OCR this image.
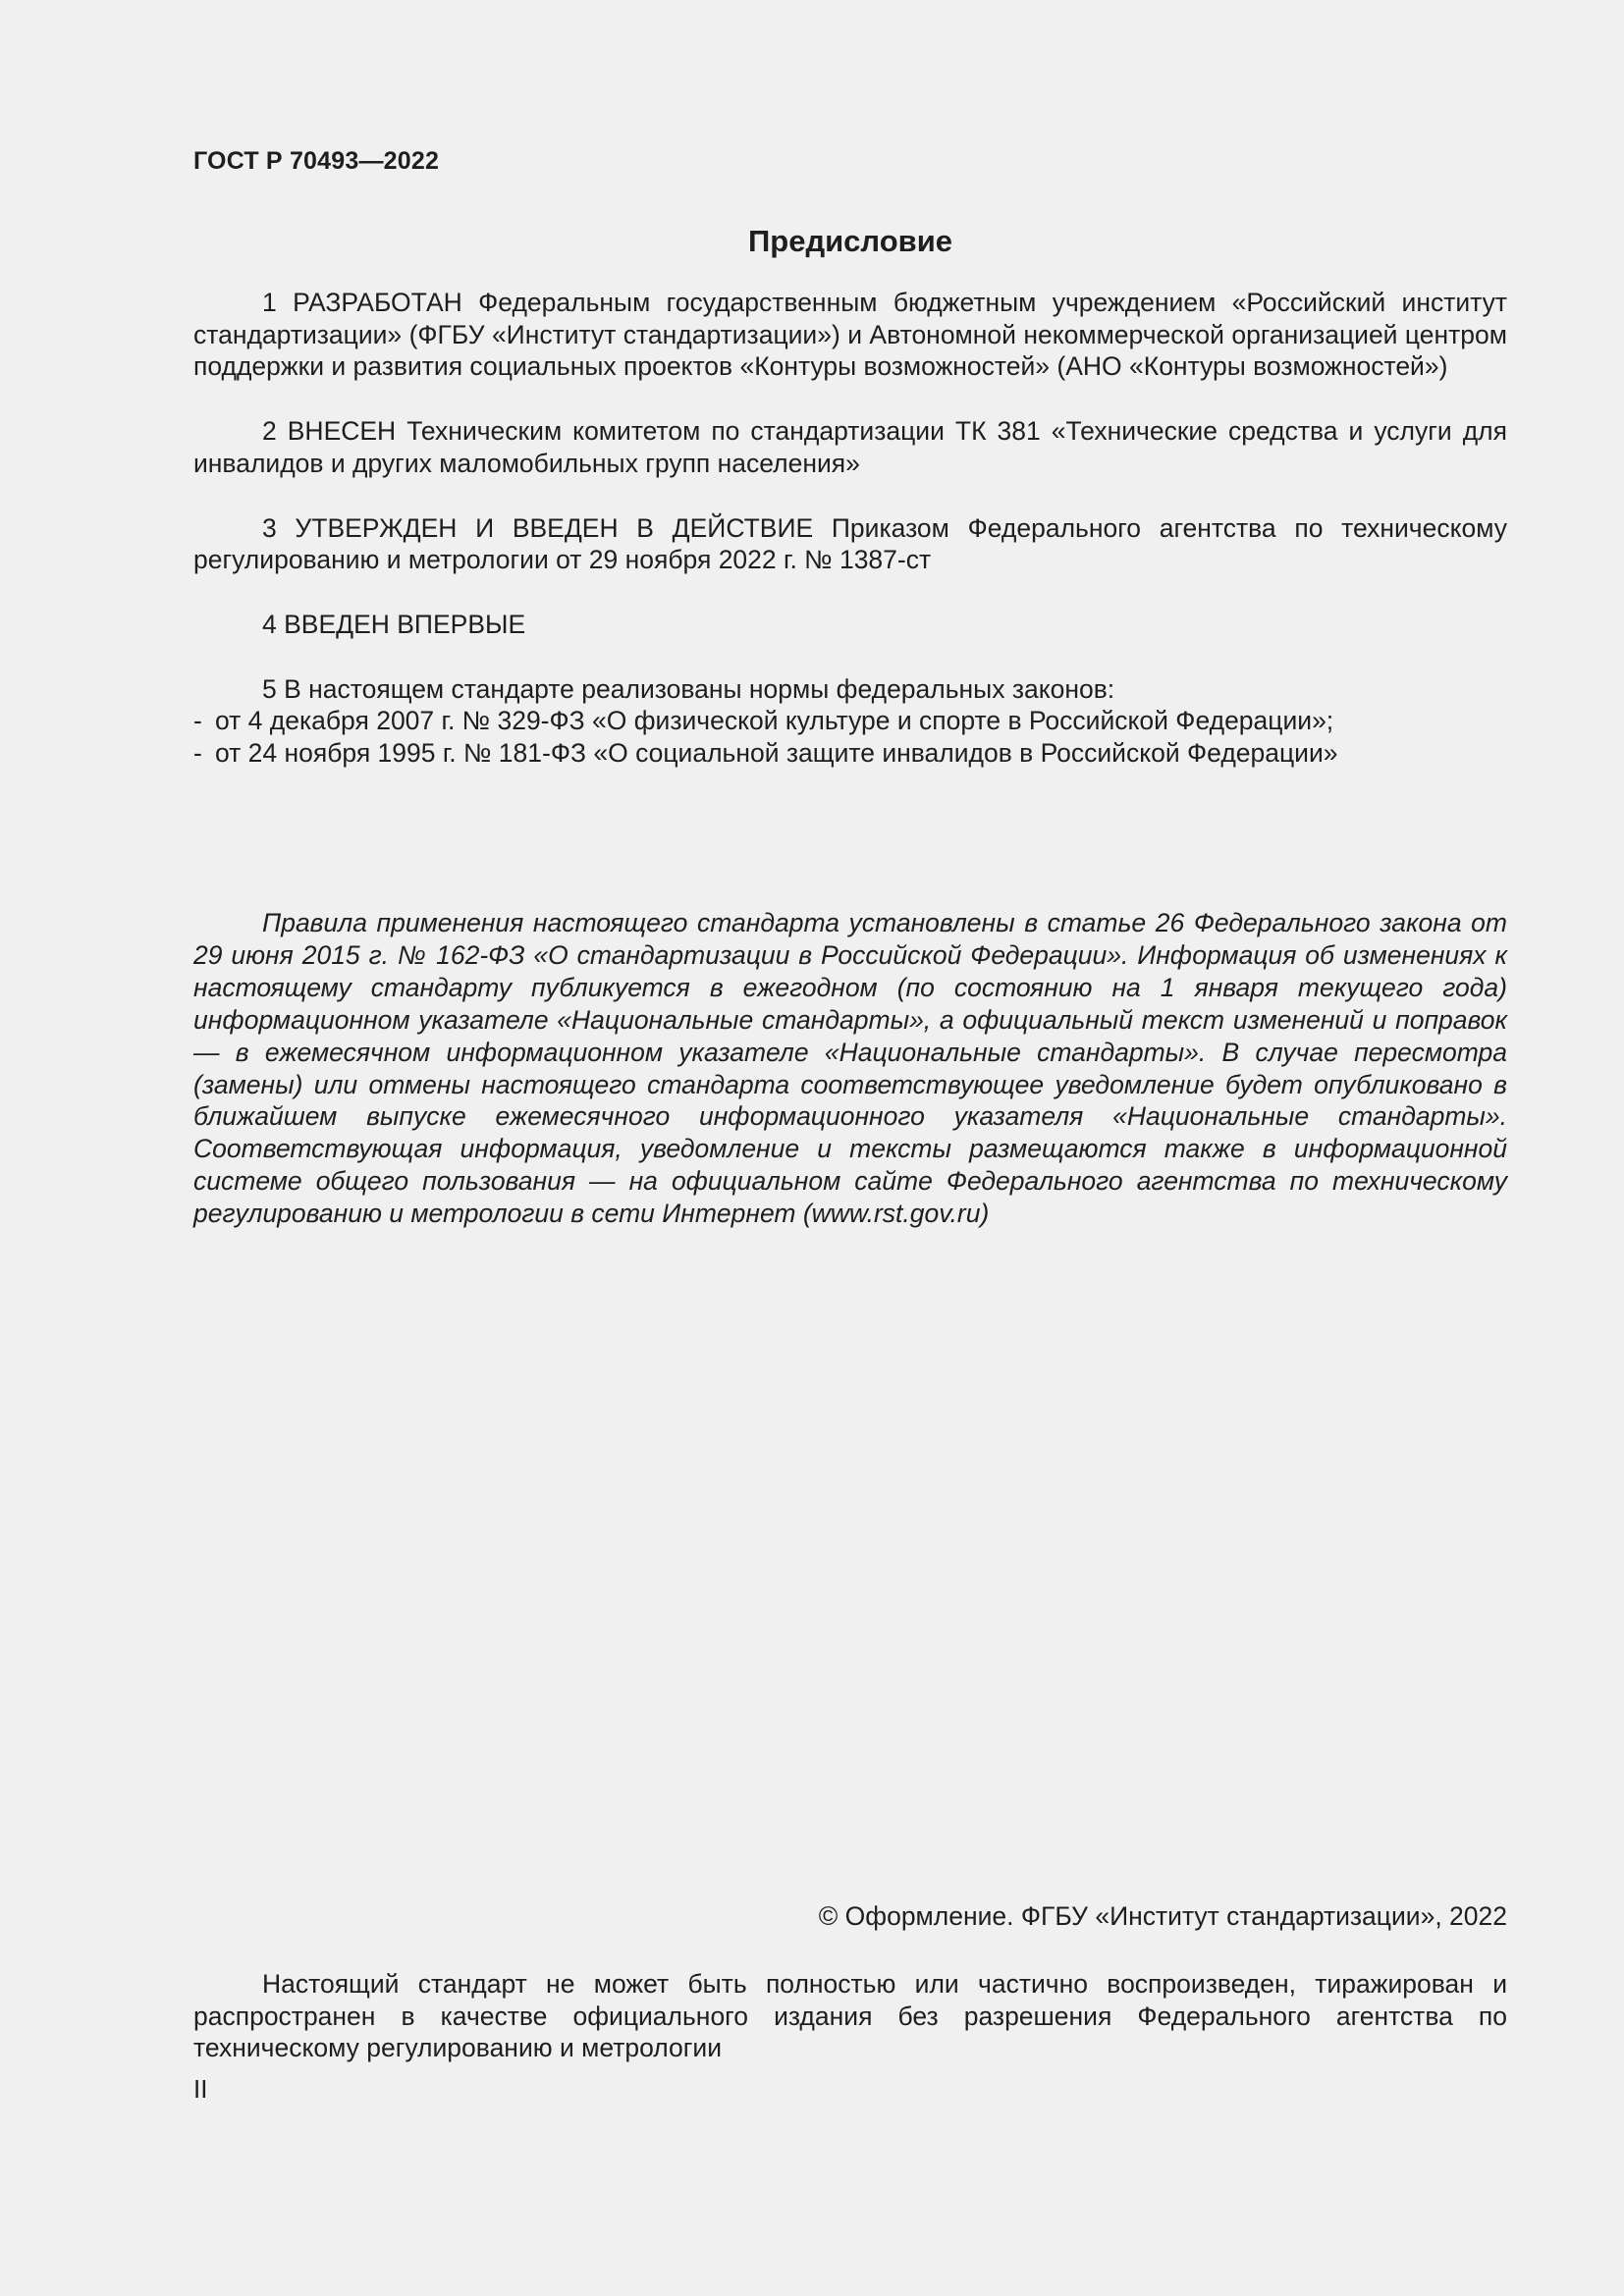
ГОСТ Р 70493—2022
Предисловие

1 РАЗРАБОТАН Федеральным государственным бюджетным учреждением «Российский институт стандартизации» (ФГБУ «Институт стандартизации») и Автономной некоммерческой организацией центром поддержки и развития социальных проектов «Контуры возможностей» (АНО «Контуры возможностей»)

2 ВНЕСЕН Техническим комитетом по стандартизации ТК 381 «Технические средства и услуги для инвалидов и других маломобильных групп населения»

3 УТВЕРЖДЕН И ВВЕДЕН В ДЕЙСТВИЕ Приказом Федерального агентства по техническому регулированию и метрологии от 29 ноября 2022 г. № 1387-ст

4 ВВЕДЕН ВПЕРВЫЕ

5 В настоящем стандарте реализованы нормы федеральных законов:

- от 4 декабря 2007 г. № 329-ФЗ «О физической культуре и спорте в Российской Федерации»;

- от 24 ноября 1995 г. № 181-ФЗ «О социальной защите инвалидов в Российской Федерации»

Правила применения настоящего стандарта установлены в статье 26 Федерального закона от 29 июня 2015 г. № 162-ФЗ «О стандартизации в Российской Федерации». Информация об изменениях к настоящему стандарту публикуется в ежегодном (по состоянию на 1 января текущего года) информационном указателе «Национальные стандарты», а официальный текст изменений и поправок — в ежемесячном информационном указателе «Национальные стандарты». В случае пересмотра (замены) или отмены настоящего стандарта соответствующее уведомление будет опубликовано в ближайшем выпуске ежемесячного информационного указателя «Национальные стандарты». Соответствующая информация, уведомление и тексты размещаются также в информационной системе общего пользования — на официальном сайте Федерального агентства по техническому регулированию и метрологии в сети Интернет (www.rst.gov.ru)

© Оформление. ФГБУ «Институт стандартизации», 2022

Настоящий стандарт не может быть полностью или частично воспроизведен, тиражирован и распространен в качестве официального издания без разрешения Федерального агентства по техническому регулированию и метрологии

II
